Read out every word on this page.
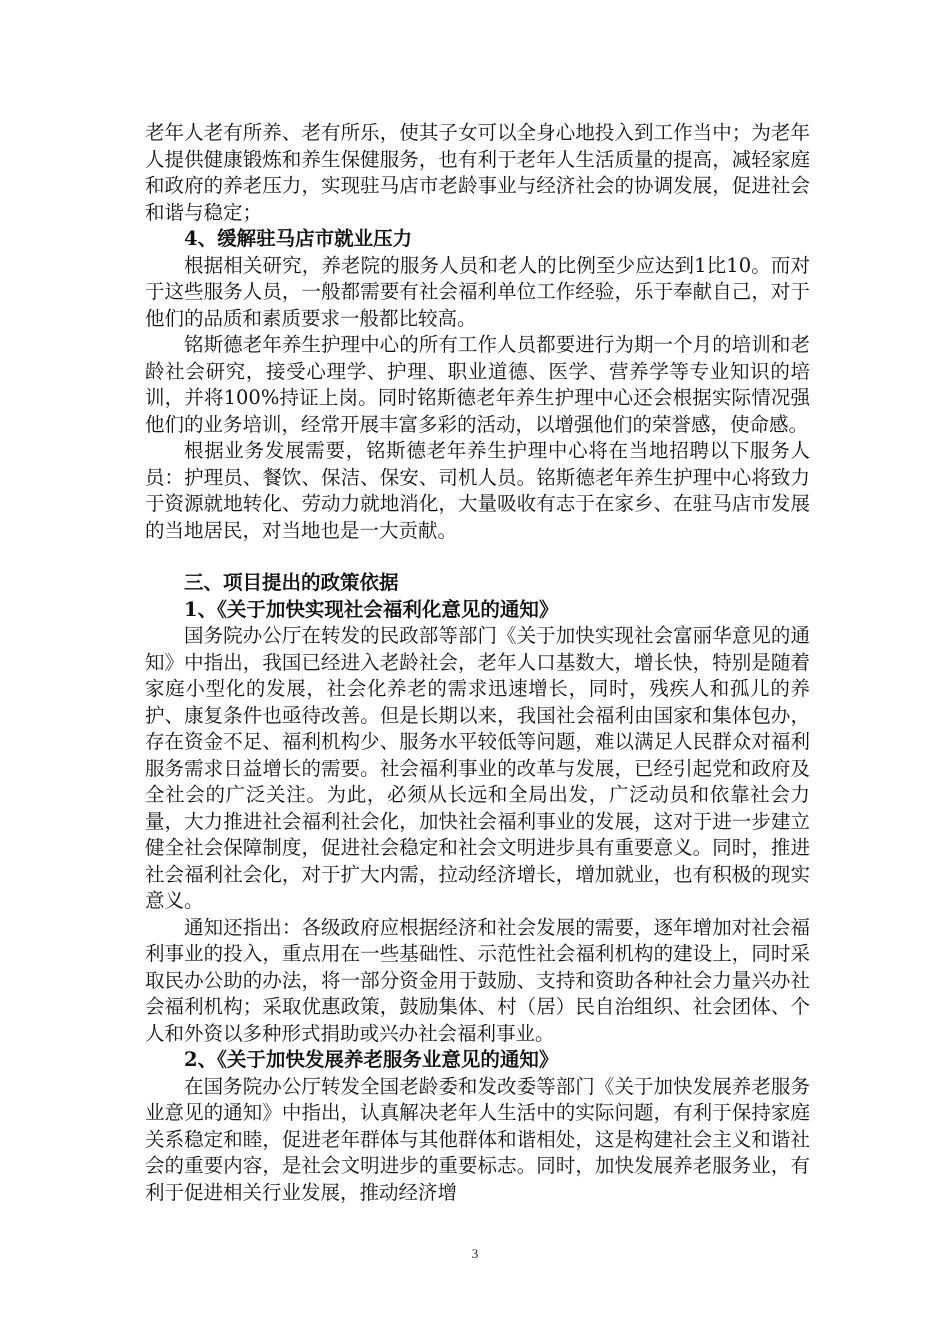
老年人老有所养、老有所乐，使其子女可以全身心地投入到工作当中；为老年人提供健康锻炼和养生保健服务，也有利于老年人生活质量的提高，减轻家庭和政府的养老压力，实现驻马店市老龄事业与经济社会的协调发展，促进社会和谐与稳定；

4、缓解驻马店市就业压力

根据相关研究，养老院的服务人员和老人的比例至少应达到1比10。而对于这些服务人员，一般都需要有社会福利单位工作经验，乐于奉献自己，对于他们的品质和素质要求一般都比较高。

铭斯德老年养生护理中心的所有工作人员都要进行为期一个月的培训和老龄社会研究，接受心理学、护理、职业道德、医学、营养学等专业知识的培训，并将100%持证上岗。同时铭斯德老年养生护理中心还会根据实际情况强他们的业务培训，经常开展丰富多彩的活动，以增强他们的荣誉感，使命感。

根据业务发展需要，铭斯德老年养生护理中心将在当地招聘以下服务人员：护理员、餐饮、保洁、保安、司机人员。铭斯德老年养生护理中心将致力于资源就地转化、劳动力就地消化，大量吸收有志于在家乡、在驻马店市发展的当地居民，对当地也是一大贡献。

三、项目提出的政策依据

1、《关于加快实现社会福利化意见的通知》

国务院办公厅在转发的民政部等部门《关于加快实现社会富丽华意见的通知》中指出，我国已经进入老龄社会，老年人口基数大，增长快，特别是随着家庭小型化的发展，社会化养老的需求迅速增长，同时，残疾人和孤儿的养护、康复条件也亟待改善。但是长期以来，我国社会福利由国家和集体包办，存在资金不足、福利机构少、服务水平较低等问题，难以满足人民群众对福利服务需求日益增长的需要。社会福利事业的改革与发展，已经引起党和政府及全社会的广泛关注。为此，必须从长远和全局出发，广泛动员和依靠社会力量，大力推进社会福利社会化，加快社会福利事业的发展，这对于进一步建立健全社会保障制度，促进社会稳定和社会文明进步具有重要意义。同时，推进社会福利社会化，对于扩大内需，拉动经济增长，增加就业，也有积极的现实意义。

通知还指出：各级政府应根据经济和社会发展的需要，逐年增加对社会福利事业的投入，重点用在一些基础性、示范性社会福利机构的建设上，同时采取民办公助的办法，将一部分资金用于鼓励、支持和资助各种社会力量兴办社会福利机构；采取优惠政策，鼓励集体、村（居）民自治组织、社会团体、个人和外资以多种形式捐助或兴办社会福利事业。

2、《关于加快发展养老服务业意见的通知》

在国务院办公厅转发全国老龄委和发改委等部门《关于加快发展养老服务业意见的通知》中指出，认真解决老年人生活中的实际问题，有利于保持家庭关系稳定和睦，促进老年群体与其他群体和谐相处，这是构建社会主义和谐社会的重要内容，是社会文明进步的重要标志。同时，加快发展养老服务业，有利于促进相关行业发展，推动经济增

3
